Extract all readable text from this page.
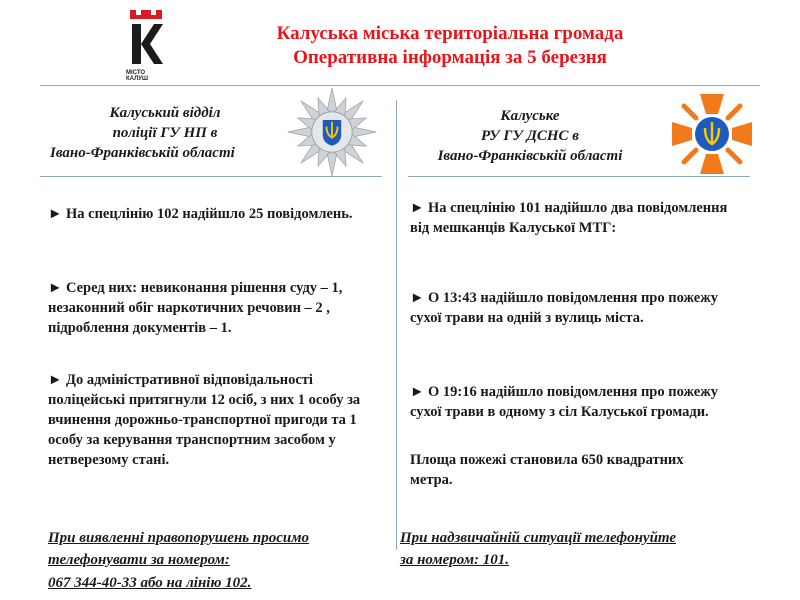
МІСТО КАЛУШ
Калуська міська територіальна громада
Оперативна інформація за 5 березня
Калуський відділ
поліції ГУ НП в
Івано-Франківській області
Калуське
РУ ГУ ДСНС в
Івано-Франківській області
► На спецлінію 102 надійшло 25 повідомлень.
► Серед них: невиконання рішення суду – 1, незаконний обіг наркотичних речовин – 2 , підроблення документів – 1.
► До адміністративної відповідальності поліцейські притягнули 12 осіб, з них 1 особу за вчинення дорожньо-транспортної пригоди та 1 особу за керування транспортним засобом у нетверезому стані.
При виявленні правопорушень просимо
телефонувати за номером:
067 344-40-33 або на лінію 102.
► На спецлінію 101 надійшло два повідомлення від мешканців Калуської МТГ:
► О 13:43 надійшло повідомлення про пожежу сухої трави на одній з вулиць міста.
► О 19:16 надійшло повідомлення про пожежу сухої трави в одному з сіл Калуської громади.
Площа пожежі становила 650 квадратних метра.
При надзвичайній ситуації телефонуйте
за номером: 101.
